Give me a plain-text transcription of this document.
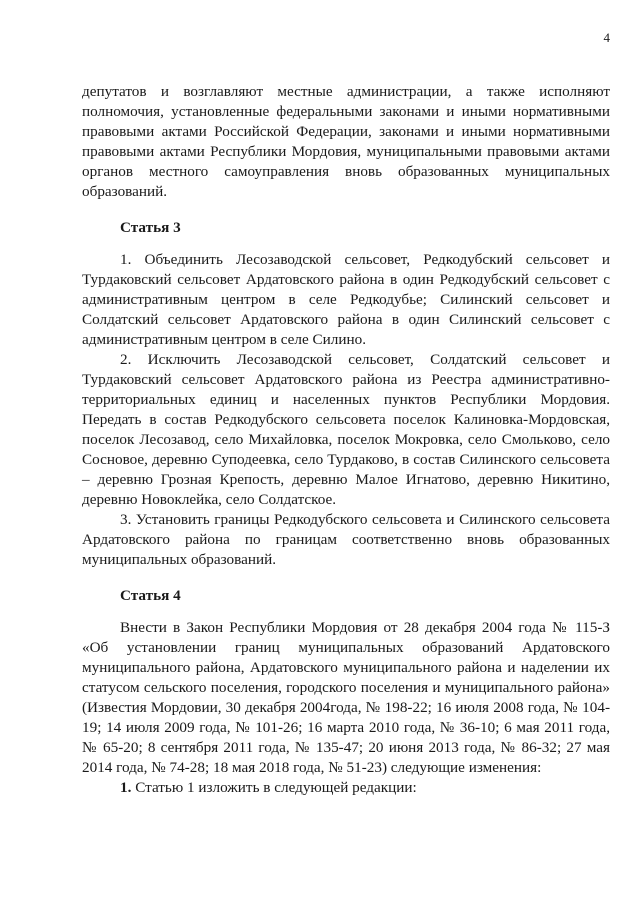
4

депутатов и возглавляют местные администрации, а также исполняют полномочия, установленные федеральными законами и иными нормативными правовыми актами Российской Федерации, законами и иными нормативными правовыми актами Республики Мордовия, муниципальными правовыми актами органов местного самоуправления вновь образованных муниципальных образований.

Статья 3

1. Объединить Лесозаводской сельсовет, Редкодубский сельсовет и Турдаковский сельсовет Ардатовского района в один Редкодубский сельсовет с административным центром в селе Редкодубье; Силинский сельсовет и Солдатский сельсовет Ардатовского района в один Силинский сельсовет с административным центром в селе Силино.

2. Исключить Лесозаводской сельсовет, Солдатский сельсовет и Турдаковский сельсовет Ардатовского района из Реестра административно-территориальных единиц и населенных пунктов Республики Мордовия. Передать в состав Редкодубского сельсовета поселок Калиновка-Мордовская, поселок Лесозавод, село Михайловка, поселок Мокровка, село Смольково, село Сосновое, деревню Суподеевка, село Турдаково, в состав Силинского сельсовета – деревню Грозная Крепость, деревню Малое Игнатово, деревню Никитино, деревню Новоклейка, село Солдатское.

3. Установить границы Редкодубского сельсовета и Силинского сельсовета Ардатовского района по границам соответственно вновь образованных муниципальных образований.

Статья 4

Внести в Закон Республики Мордовия от 28 декабря 2004 года № 115-З «Об установлении границ муниципальных образований Ардатовского муниципального района, Ардатовского муниципального района и наделении их статусом сельского поселения, городского поселения и муниципального района» (Известия Мордовии, 30 декабря 2004года, № 198-22; 16 июля 2008 года, № 104-19; 14 июля 2009 года, № 101-26; 16 марта 2010 года, № 36-10; 6 мая 2011 года, № 65-20; 8 сентября 2011 года, № 135-47; 20 июня 2013 года, № 86-32; 27 мая 2014 года, № 74-28; 18 мая 2018 года, № 51-23) следующие изменения:

1. Статью 1 изложить в следующей редакции:
